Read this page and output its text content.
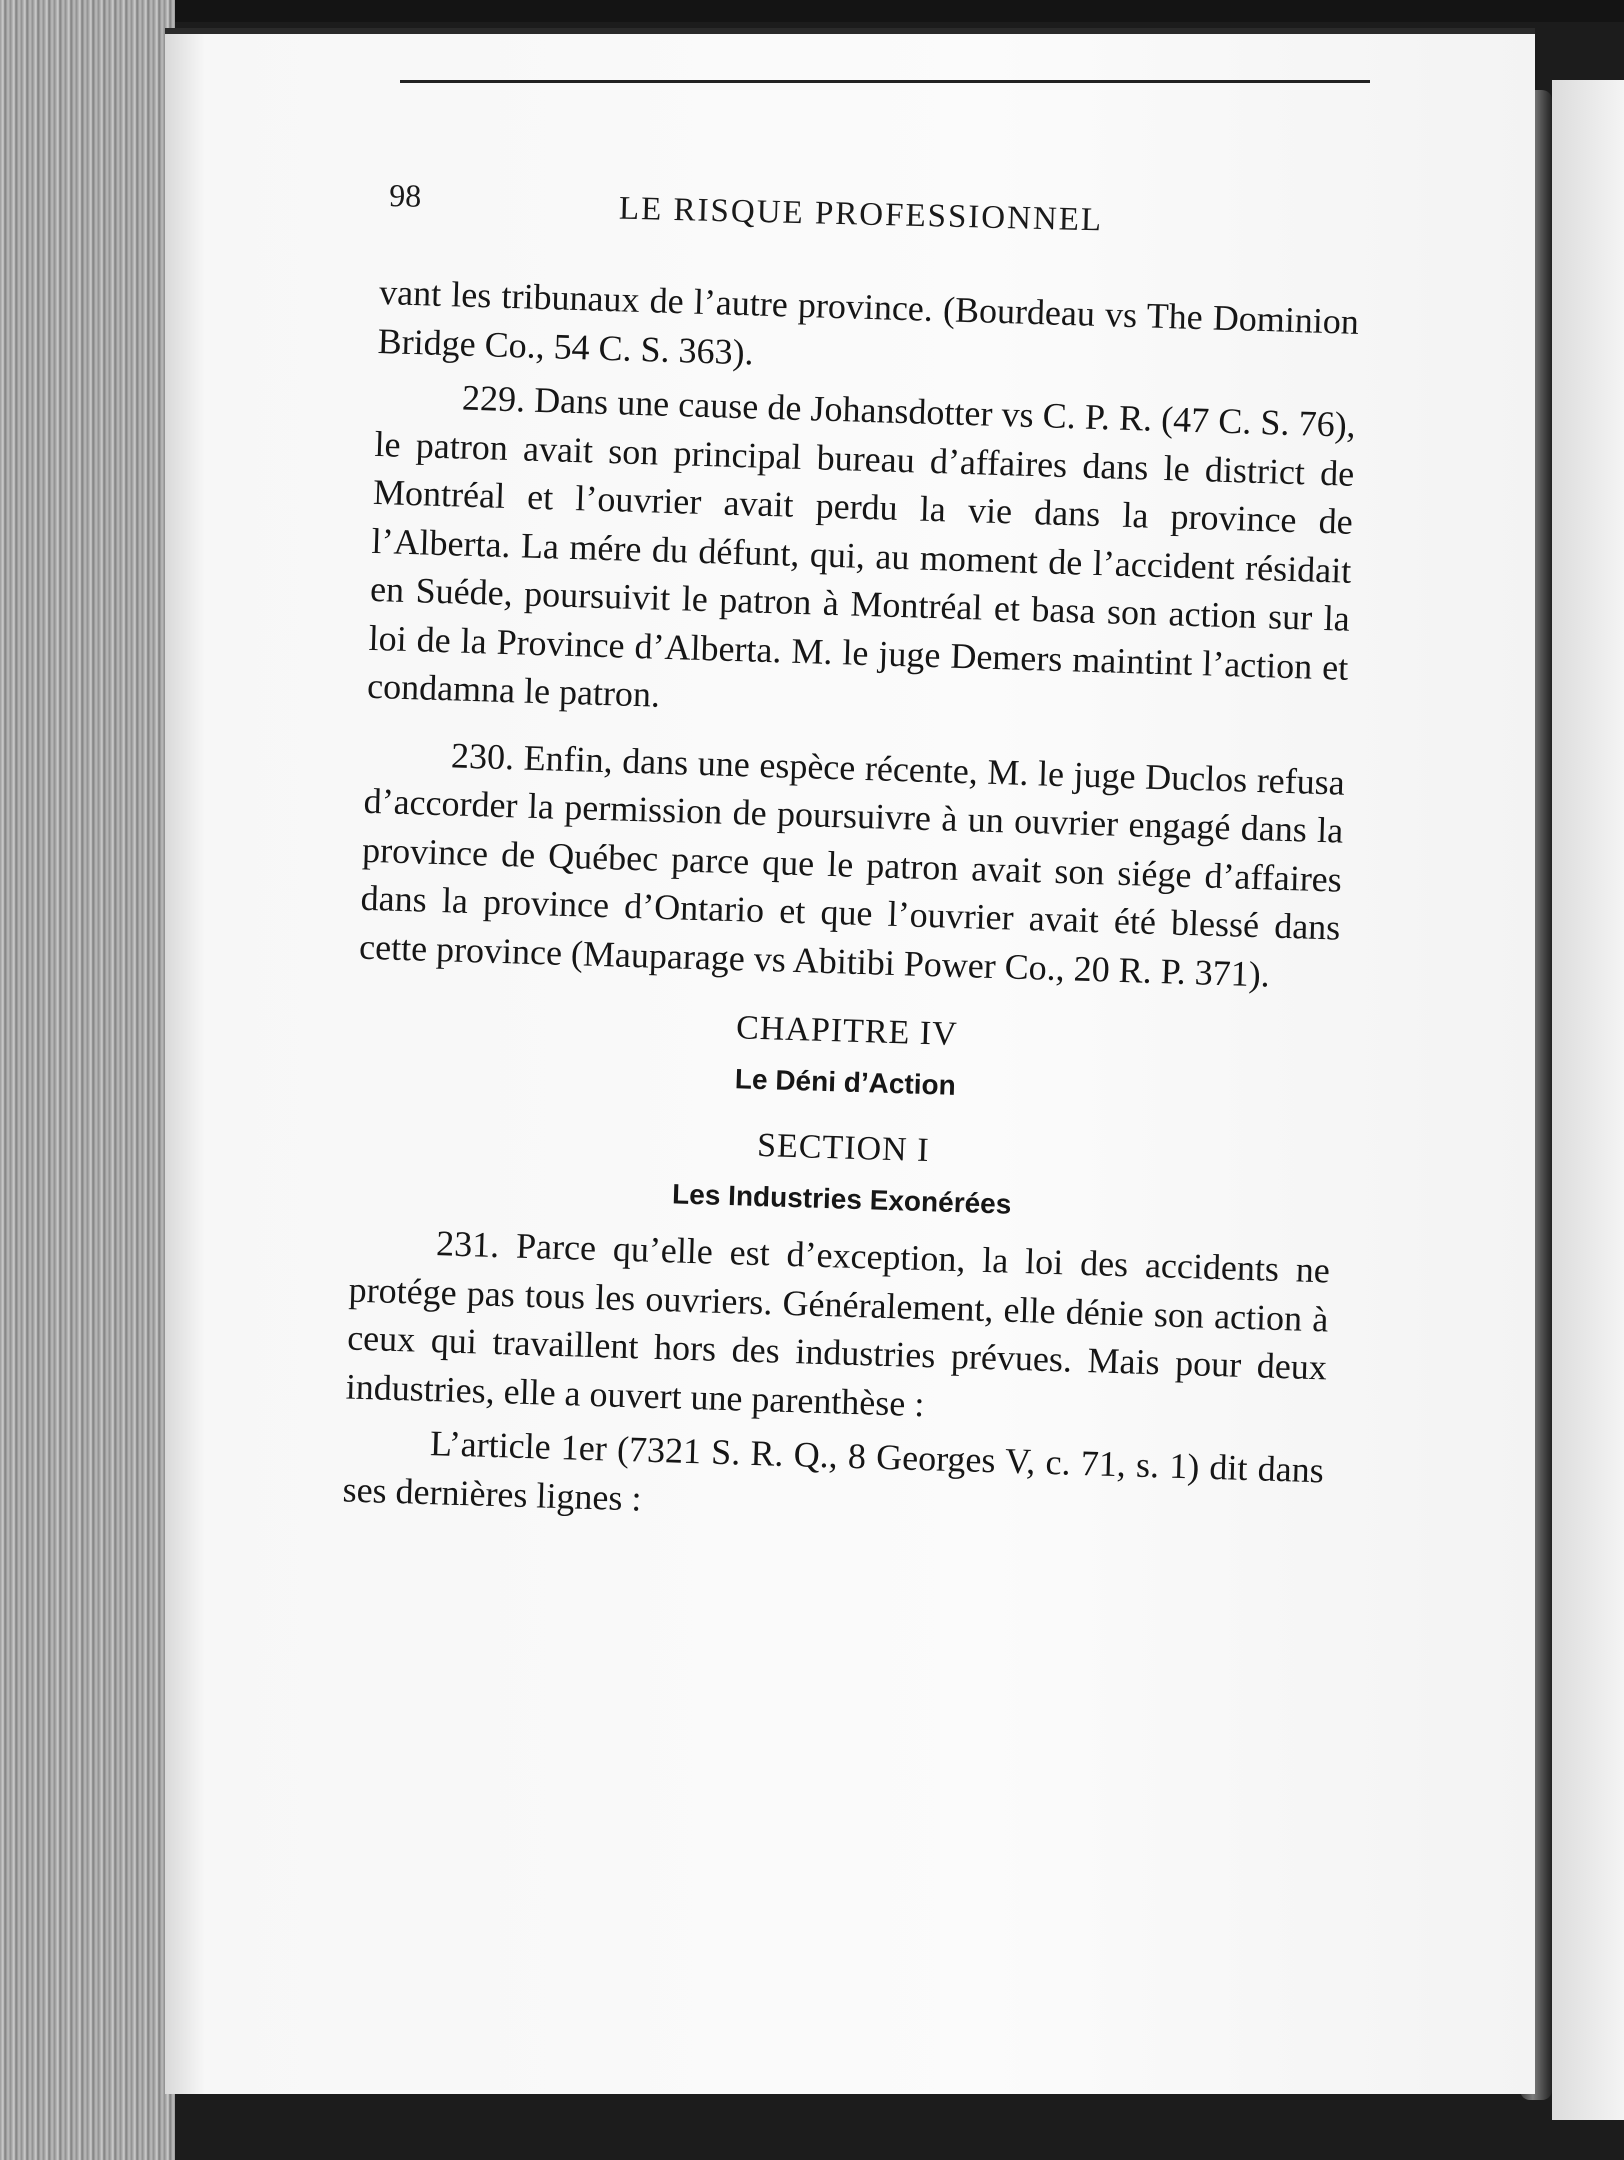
98	LE RISQUE PROFESSIONNEL

vant les tribunaux de l’autre province. (Bourdeau vs The Dominion Bridge Co., 54 C. S. 363).

229. Dans une cause de Johansdotter vs C. P. R. (47 C. S. 76), le patron avait son principal bureau d’affaires dans le district de Montréal et l’ouvrier avait perdu la vie dans la province de l’Alberta. La mére du défunt, qui, au moment de l’accident résidait en Suéde, poursuivit le patron à Montréal et basa son action sur la loi de la Province d’Alberta. M. le juge Demers maintint l’action et condamna le patron.

230. Enfin, dans une espèce récente, M. le juge Duclos refusa d’accorder la permission de poursuivre à un ouvrier engagé dans la province de Québec parce que le patron avait son siége d’affaires dans la province d’Ontario et que l’ouvrier avait été blessé dans cette province (Mauparage vs Abitibi Power Co., 20 R. P. 371).

CHAPITRE IV
Le Déni d’Action
SECTION I
Les Industries Exonérées

231. Parce qu’elle est d’exception, la loi des accidents ne protége pas tous les ouvriers. Généralement, elle dénie son action à ceux qui travaillent hors des industries prévues. Mais pour deux industries, elle a ouvert une parenthèse :

L’article 1er (7321 S. R. Q., 8 Georges V, c. 71, s. 1) dit dans ses dernières lignes :
